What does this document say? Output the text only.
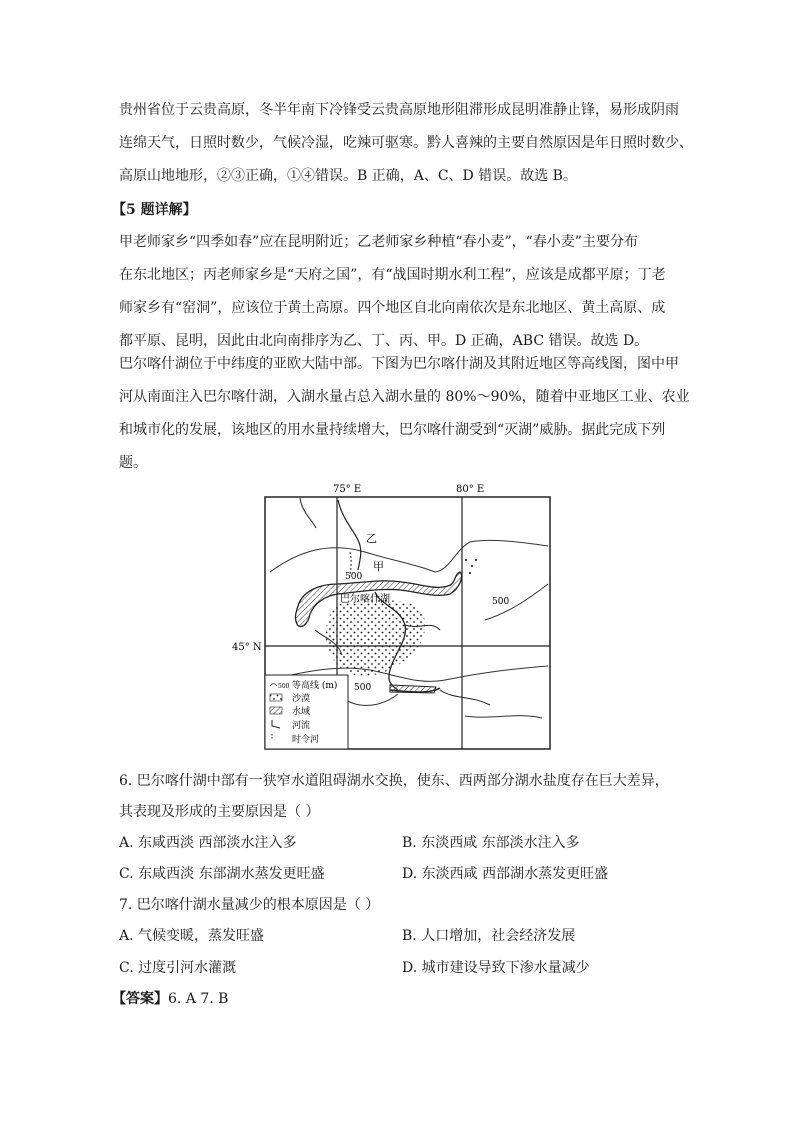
贵州省位于云贵高原，冬半年南下冷锋受云贵高原地形阻滞形成昆明准静止锋，易形成阴雨
连绵天气，日照时数少，气候冷湿，吃辣可驱寒。黔人喜辣的主要自然原因是年日照时数少、
高原山地地形，②③正确，①④错误。B 正确，A、C、D 错误。故选 B。
【5 题详解】
甲老师家乡“四季如春”应在昆明附近；乙老师家乡种植“春小麦”，“春小麦”主要分布
在东北地区；丙老师家乡是“天府之国”，有“战国时期水利工程”，应该是成都平原；丁老
师家乡有“窑洞”，应该位于黄土高原。四个地区自北向南依次是东北地区、黄土高原、成
都平原、昆明，因此由北向南排序为乙、丁、丙、甲。D 正确，ABC 错误。故选 D。
巴尔喀什湖位于中纬度的亚欧大陆中部。下图为巴尔喀什湖及其附近地区等高线图，图中甲
河从南面注入巴尔喀什湖，入湖水量占总入湖水量的 80%～90%，随着中亚地区工业、农业
和城市化的发展，该地区的用水量持续增大，巴尔喀什湖受到“灭湖”威胁。据此完成下列
题。
75° E	80° E
45° N
乙
甲
巴尔喀什湖
500
500
500
500 等高线 (m)
沙漠
水域
河流
时令河
6. 巴尔喀什湖中部有一狭窄水道阻碍湖水交换，使东、西两部分湖水盐度存在巨大差异，
其表现及形成的主要原因是（ ）
A. 东咸西淡 西部淡水注入多	B. 东淡西咸 东部淡水注入多
C. 东咸西淡 东部湖水蒸发更旺盛	D. 东淡西咸 西部湖水蒸发更旺盛
7. 巴尔喀什湖水量减少的根本原因是（ ）
A. 气候变暖，蒸发旺盛	B. 人口增加，社会经济发展
C. 过度引河水灌溉	D. 城市建设导致下渗水量减少
【答案】6. A 7. B
